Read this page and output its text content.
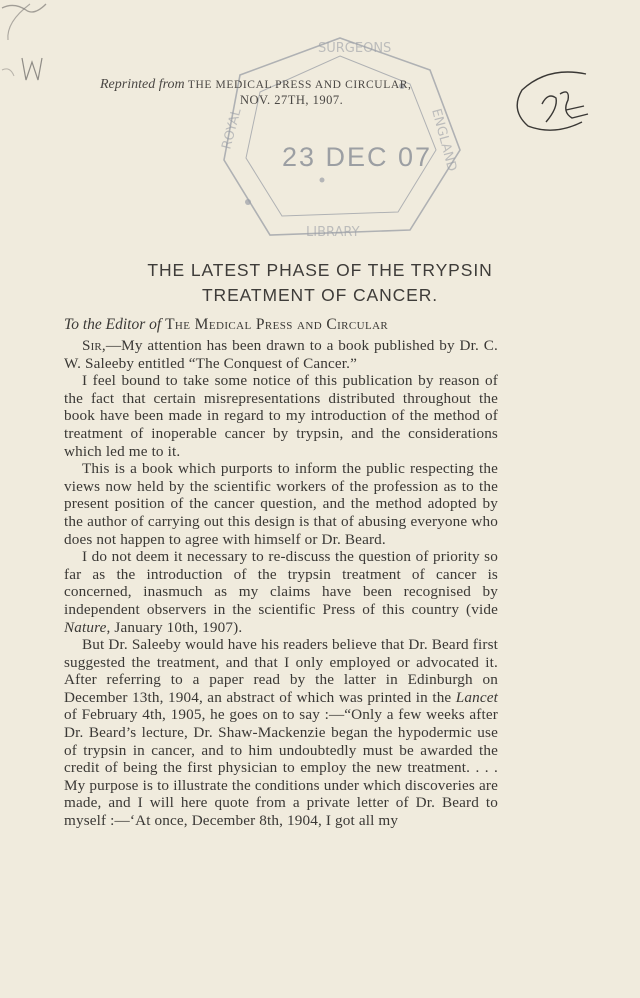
ROYAL	ENGLAND
LIBRARY
SURGEONS
23 DEC 07
Reprinted from THE MEDICAL PRESS AND CIRCULAR,
NOV. 27TH, 1907.
THE LATEST PHASE OF THE TRYPSIN
TREATMENT OF CANCER.
To the Editor of The Medical Press and Circular

Sir,—My attention has been drawn to a book published by Dr. C. W. Saleeby entitled “The Conquest of Cancer.”

I feel bound to take some notice of this publication by reason of the fact that certain misrepresentations distributed throughout the book have been made in regard to my introduction of the method of treatment of inoperable cancer by trypsin, and the considerations which led me to it.

This is a book which purports to inform the public respecting the views now held by the scientific workers of the profession as to the present position of the cancer question, and the method adopted by the author of carrying out this design is that of abusing everyone who does not happen to agree with himself or Dr. Beard.

I do not deem it necessary to re-discuss the question of priority so far as the introduction of the trypsin treatment of cancer is concerned, inasmuch as my claims have been recognised by independent observers in the scientific Press of this country (vide Nature, January 10th, 1907).

But Dr. Saleeby would have his readers believe that Dr. Beard first suggested the treatment, and that I only employed or advocated it. After referring to a paper read by the latter in Edinburgh on December 13th, 1904, an abstract of which was printed in the Lancet of February 4th, 1905, he goes on to say :—“Only a few weeks after Dr. Beard’s lecture, Dr. Shaw-Mackenzie began the hypodermic use of trypsin in cancer, and to him undoubtedly must be awarded the credit of being the first physician to employ the new treatment. . . . My purpose is to illustrate the conditions under which discoveries are made, and I will here quote from a private letter of Dr. Beard to myself :—‘At once, December 8th, 1904, I got all my
